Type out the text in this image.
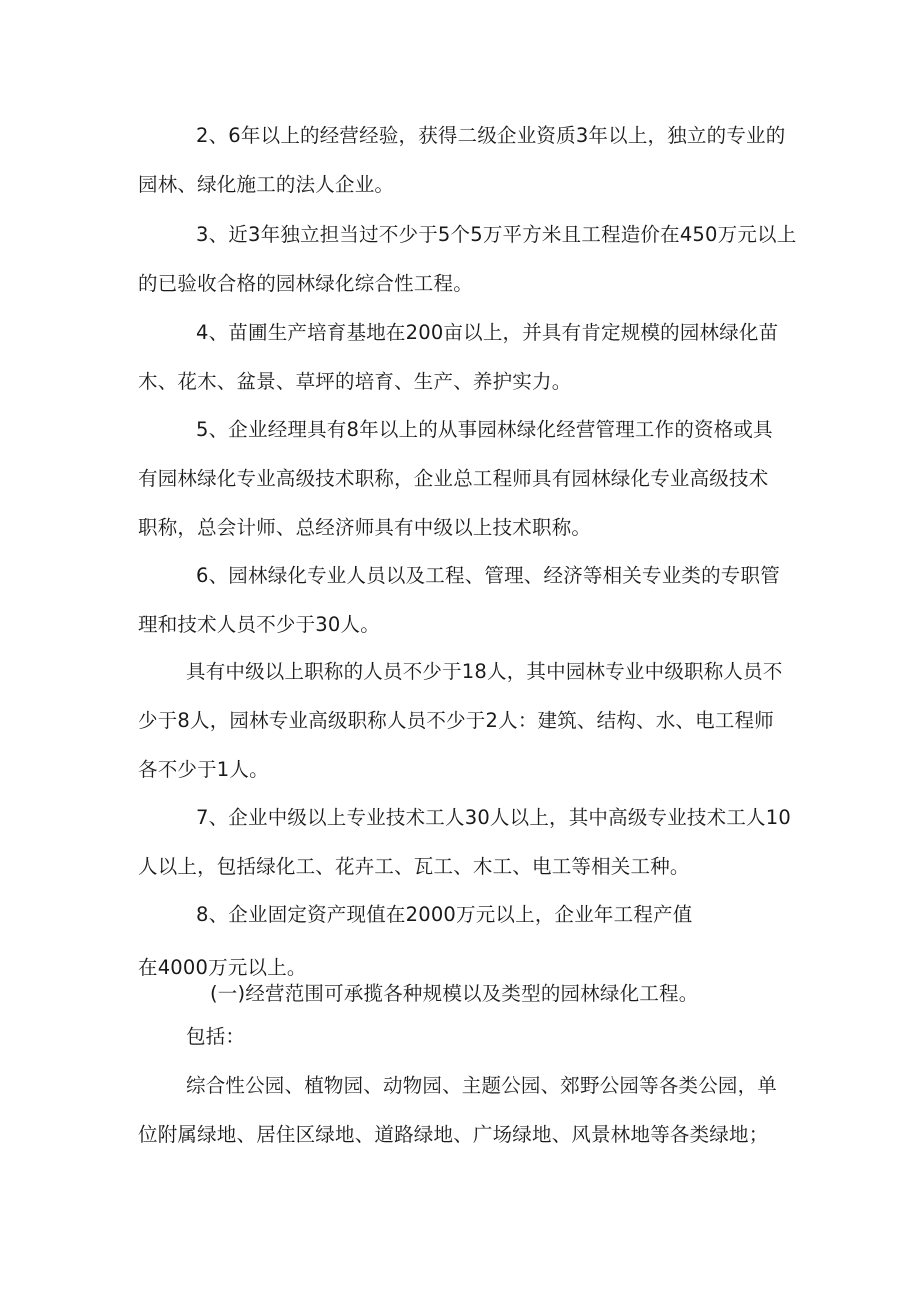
2、6年以上的经营经验，获得二级企业资质3年以上，独立的专业的
园林、绿化施工的法人企业。
3、近3年独立担当过不少于5个5万平方米且工程造价在450万元以上
的已验收合格的园林绿化综合性工程。
4、苗圃生产培育基地在200亩以上，并具有肯定规模的园林绿化苗
木、花木、盆景、草坪的培育、生产、养护实力。
5、企业经理具有8年以上的从事园林绿化经营管理工作的资格或具
有园林绿化专业高级技术职称，企业总工程师具有园林绿化专业高级技术
职称，总会计师、总经济师具有中级以上技术职称。
6、园林绿化专业人员以及工程、管理、经济等相关专业类的专职管
理和技术人员不少于30人。
具有中级以上职称的人员不少于18人，其中园林专业中级职称人员不
少于8人，园林专业高级职称人员不少于2人：建筑、结构、水、电工程师
各不少于1人。
7、企业中级以上专业技术工人30人以上，其中高级专业技术工人10
人以上，包括绿化工、花卉工、瓦工、木工、电工等相关工种。
8、企业固定资产现值在2000万元以上，企业年工程产值
在4000万元以上。
(一)经营范围可承揽各种规模以及类型的园林绿化工程。
包括：
综合性公园、植物园、动物园、主题公园、郊野公园等各类公园，单
位附属绿地、居住区绿地、道路绿地、广场绿地、风景林地等各类绿地；
